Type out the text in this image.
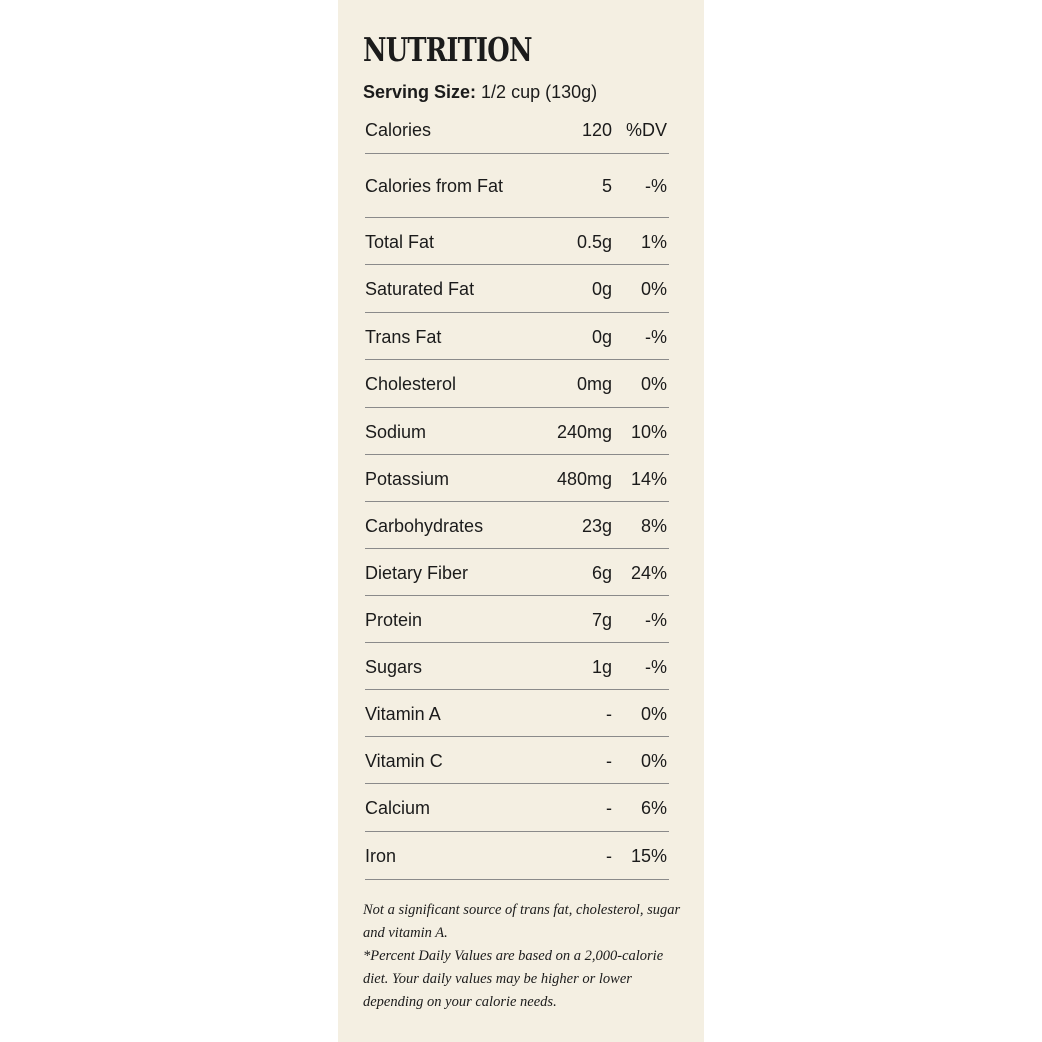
NUTRITION
Serving Size: 1/2 cup (130g)
Calories	120 %DV
Calories from Fat	5 -%
Total Fat	0.5g 1%
Saturated Fat	0g 0%
Trans Fat	0g -%
Cholesterol	0mg 0%
Sodium	240mg 10%
Potassium	480mg 14%
Carbohydrates	23g 8%
Dietary Fiber	6g 24%
Protein	7g -%
Sugars	1g -%
Vitamin A	- 0%
Vitamin C	- 0%
Calcium	- 6%
Iron	- 15%
Not a significant source of trans fat, cholesterol, sugar and vitamin A.
*Percent Daily Values are based on a 2,000-calorie diet. Your daily values may be higher or lower depending on your calorie needs.
